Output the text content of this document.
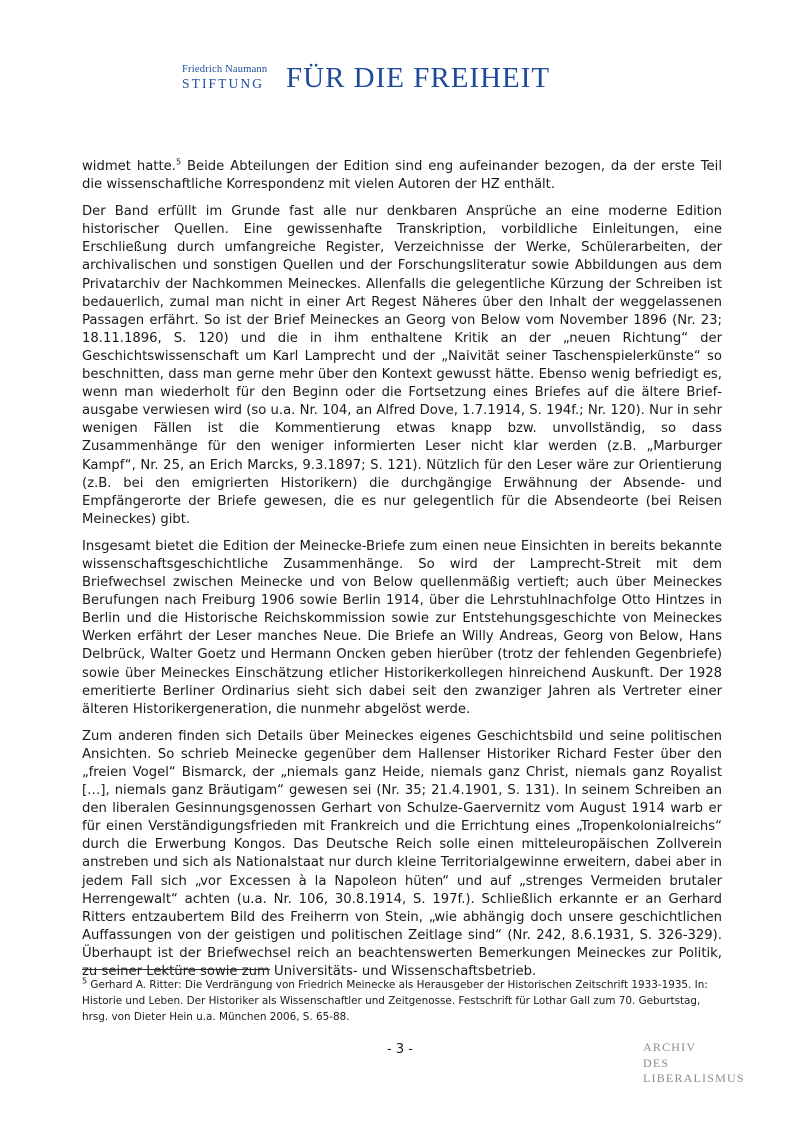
Friedrich Naumann
STIFTUNG FÜR DIE FREIHEIT

widmet hatte.$^5$ Beide Abteilungen der Edition sind eng aufeinander bezogen, da der erste Teil die wissenschaftliche Korrespondenz mit vielen Autoren der HZ enthält.

Der Band erfüllt im Grunde fast alle nur denkbaren Ansprüche an eine moderne Edition historischer Quellen. Eine gewissenhafte Transkription, vorbildliche Einleitungen, eine Erschließung durch umfangreiche Register, Verzeichnisse der Werke, Schülerarbeiten, der archivalischen und sonstigen Quellen und der Forschungsliteratur sowie Abbildungen aus dem Privatarchiv der Nachkommen Meineckes. Allenfalls die gelegentliche Kürzung der Schreiben ist bedauerlich, zumal man nicht in einer Art Regest Näheres über den Inhalt der weggelassenen Passagen erfährt. So ist der Brief Meineckes an Georg von Below vom November 1896 (Nr. 23; 18.11.1896, S. 120) und die in ihm enthaltene Kritik an der „neuen Richtung“ der Geschichtswissenschaft um Karl Lamprecht und der „Naivität seiner Taschenspielerkünste“ so beschnitten, dass man gerne mehr über den Kontext gewusst hätte. Ebenso wenig befriedigt es, wenn man wiederholt für den Beginn oder die Fortsetzung eines Briefes auf die ältere Briefausgabe verwiesen wird (so u.a. Nr. 104, an Alfred Dove, 1.7.1914, S. 194f.; Nr. 120). Nur in sehr wenigen Fällen ist die Kommentierung etwas knapp bzw. unvollständig, so dass Zusammenhänge für den weniger informierten Leser nicht klar werden (z.B. „Marburger Kampf“, Nr. 25, an Erich Marcks, 9.3.1897; S. 121). Nützlich für den Leser wäre zur Orientierung (z.B. bei den emigrierten Historikern) die durchgängige Erwähnung der Absende- und Empfängerorte der Briefe gewesen, die es nur gelegentlich für die Absendeorte (bei Reisen Meineckes) gibt.

Insgesamt bietet die Edition der Meinecke-Briefe zum einen neue Einsichten in bereits bekannte wissenschaftsgeschichtliche Zusammenhänge. So wird der Lamprecht-Streit mit dem Briefwechsel zwischen Meinecke und von Below quellenmäßig vertieft; auch über Meineckes Berufungen nach Freiburg 1906 sowie Berlin 1914, über die Lehrstuhlnachfolge Otto Hintzes in Berlin und die Historische Reichskommission sowie zur Entstehungsgeschichte von Meineckes Werken erfährt der Leser manches Neue. Die Briefe an Willy Andreas, Georg von Below, Hans Delbrück, Walter Goetz und Hermann Oncken geben hierüber (trotz der fehlenden Gegenbriefe) sowie über Meineckes Einschätzung etlicher Historikerkollegen hinreichend Auskunft. Der 1928 emeritierte Berliner Ordinarius sieht sich dabei seit den zwanziger Jahren als Vertreter einer älteren Historikergeneration, die nunmehr abgelöst werde.

Zum anderen finden sich Details über Meineckes eigenes Geschichtsbild und seine politischen Ansichten. So schrieb Meinecke gegenüber dem Hallenser Historiker Richard Fester über den „freien Vogel“ Bismarck, der „niemals ganz Heide, niemals ganz Christ, niemals ganz Royalist […], niemals ganz Bräutigam“ gewesen sei (Nr. 35; 21.4.1901, S. 131). In seinem Schreiben an den liberalen Gesinnungsgenossen Gerhart von Schulze-Gaervernitz vom August 1914 warb er für einen Verständigungsfrieden mit Frankreich und die Errichtung eines „Tropenkolonialreichs“ durch die Erwerbung Kongos. Das Deutsche Reich solle einen mitteleuropäischen Zollverein anstreben und sich als Nationalstaat nur durch kleine Territorialgewinne erweitern, dabei aber in jedem Fall sich „vor Excessen à la Napoleon hüten“ und auf „strenges Vermeiden brutaler Herrengewalt“ achten (u.a. Nr. 106, 30.8.1914, S. 197f.). Schließlich erkannte er an Gerhard Ritters entzaubertem Bild des Freiherrn von Stein, „wie abhängig doch unsere geschichtlichen Auffassungen von der geistigen und politischen Zeitlage sind“ (Nr. 242, 8.6.1931, S. 326-329). Überhaupt ist der Briefwechsel reich an beachtenswerten Bemerkungen Meineckes zur Politik, zu seiner Lektüre sowie zum Universitäts- und Wissenschaftsbetrieb.

$^5$ Gerhard A. Ritter: Die Verdrängung von Friedrich Meinecke als Herausgeber der Historischen Zeitschrift 1933-1935. In: Historie und Leben. Der Historiker als Wissenschaftler und Zeitgenosse. Festschrift für Lothar Gall zum 70. Geburtstag, hrsg. von Dieter Hein u.a. München 2006, S. 65-88.
- 3 -	ARCHIV
DES
LIBERALISMUS
